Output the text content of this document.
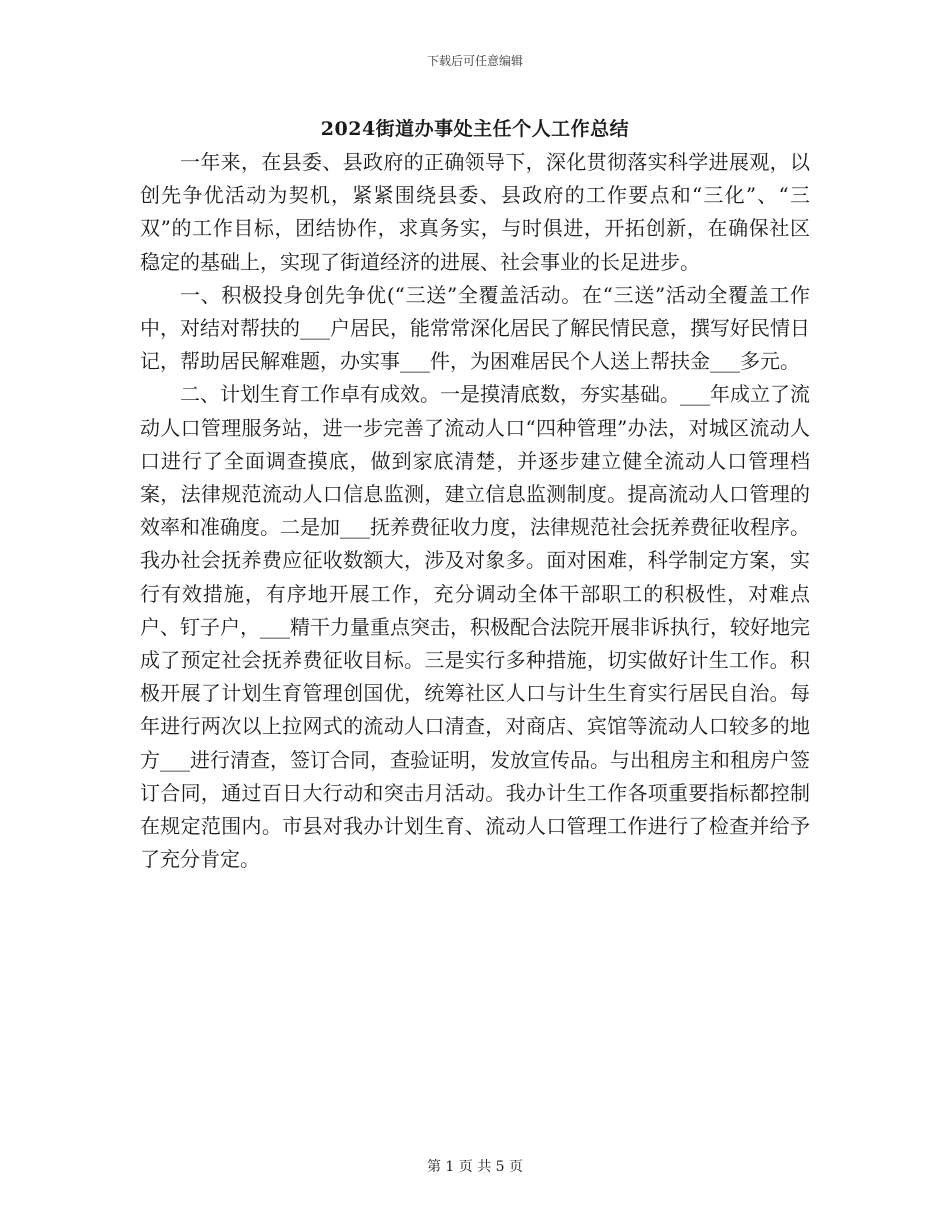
下载后可任意编辑
2024街道办事处主任个人工作总结

一年来，在县委、县政府的正确领导下，深化贯彻落实科学进展观，以创先争优活动为契机，紧紧围绕县委、县政府的工作要点和“三化”、“三双”的工作目标，团结协作，求真务实，与时俱进，开拓创新，在确保社区稳定的基础上，实现了街道经济的进展、社会事业的长足进步。

一、积极投身创先争优(“三送”全覆盖活动。在“三送”活动全覆盖工作中，对结对帮扶的___户居民，能常常深化居民了解民情民意，撰写好民情日记，帮助居民解难题，办实事___件，为困难居民个人送上帮扶金___多元。

二、计划生育工作卓有成效。一是摸清底数，夯实基础。___年成立了流动人口管理服务站，进一步完善了流动人口“四种管理”办法，对城区流动人口进行了全面调查摸底，做到家底清楚，并逐步建立健全流动人口管理档案，法律规范流动人口信息监测，建立信息监测制度。提高流动人口管理的效率和准确度。二是加___抚养费征收力度，法律规范社会抚养费征收程序。我办社会抚养费应征收数额大，涉及对象多。面对困难，科学制定方案，实行有效措施，有序地开展工作，充分调动全体干部职工的积极性，对难点户、钉子户，___精干力量重点突击，积极配合法院开展非诉执行，较好地完成了预定社会抚养费征收目标。三是实行多种措施，切实做好计生工作。积极开展了计划生育管理创国优，统筹社区人口与计生生育实行居民自治。每年进行两次以上拉网式的流动人口清查，对商店、宾馆等流动人口较多的地方___进行清查，签订合同，查验证明，发放宣传品。与出租房主和租房户签订合同，通过百日大行动和突击月活动。我办计生工作各项重要指标都控制在规定范围内。市县对我办计划生育、流动人口管理工作进行了检查并给予了充分肯定。

第 1 页 共 5 页
